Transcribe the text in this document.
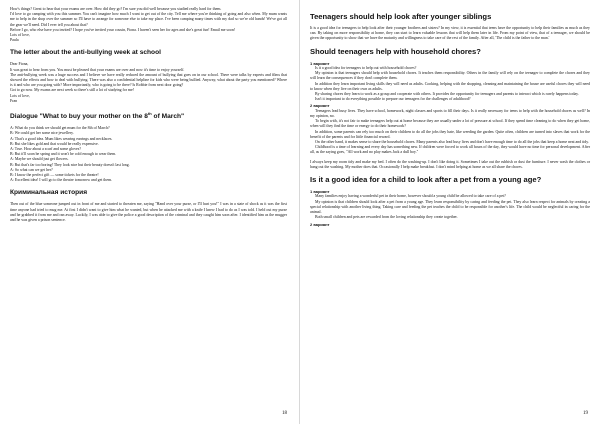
How's things? Great to hear that your exams are over. How did they go? I'm sure you did well because you studied really hard for them.

I'd love to go camping with you this summer. You can't imagine how much I want to get out of the city. Tell me where you're thinking of going and also when. My mum wants me to help in the shop over the summer so I'll have to arrange for someone else to take my place. I've been camping many times with my dad so we're old hands! We've got all the gear we'll need. Did I ever tell you about that?

Before I go, who else have you invited? I hope you've invited your cousin, Fiona. I haven't seen her for ages and she's great fun! Email me soon!

Lots of love,

Paula

The letter about the anti-bullying week at school

Dear Fiona,

It was great to hear from you. You must be pleased that your exams are over and now it's time to enjoy yourself.

The anti-bullying week was a huge success and I believe we have really reduced the amount of bullying that goes on in our school. There were talks by experts and films that showed the effects and how to deal with bullying. There was also a confidential helpline for kids who were being bullied. Anyway, what about the party you mentioned? Where is it and who are you going with? More importantly, who is going to be there? Is Robbie from next door going?

Got to go now. My exams are next week so there's still a lot of studying for me!

Lots of love,

Fran

Dialogue "What to buy your mother on the 8th of March"

A: What do you think we should get mum for the 8th of March?

B: We could get her some nice jewellery.

A: That's a good idea. Mum likes wearing earrings and necklaces.

B: But she likes gold and that would be really expensive.

A: True. How about a scarf and some gloves?

B: But it'll soon be spring and it won't be cold enough to wear them.

A: Maybe we should just get flowers.

B: But that's far too boring! They look nice but their beauty doesn't last long.

A: So what can we get her?

B: I know the perfect gift — some tickets for the theatre!

A: Excellent idea! I will go to the theatre tomorrow and get them.

Криминальная история

Then out of the blue someone jumped out in front of me and started to threaten me, saying "Hand over your purse, or I'll hurt you!" I was in a state of shock as it was the first time anyone had tried to mug me. At first I didn't want to give him what he wanted, but when he attacked me with a knife I knew I had to do as I was told. I held out my purse and he grabbed it from me and ran away. Luckily, I was able to give the police a good description of the criminal and they caught him soon after. I identified him as the mugger and he was given a prison sentence.

18
Teenagers should help look after younger siblings

It is a good idea for teenagers to help look after their younger brothers and sisters? In my view, it is essential that teens have the opportunity to help their families as much as they can. By taking on more responsibility at home, they can start to learn valuable lessons that will help them later in life. From my point of view, that of a teenager, we should be given the opportunity to show that we have the maturity and willingness to take care of the rest of the family. After all, 'The child is the father to the man.'

Should teenagers help with household chores?

1 вариант

Is it a good idea for teenagers to help out with household chores?

My opinion is that teenagers should help with household chores. It teaches them responsibility. Others in the family will rely on the teenager to complete the chores and they will learn the consequences if they don't complete them.

In addition they learn important living skills they will need as adults. Cooking, helping with the shopping, cleaning and maintaining the house are useful chores they will need to know when they live on their own as adults.

By sharing chores they learn to work as a group and cooperate with others. It provides the opportunity for teenagers and parents to interact which is rarely happens today.

Isn't it important to do everything possible to prepare our teenagers for the challenges of adulthood?

2 вариант

Teenagers lead busy lives. They have school, homework, night classes and sports to fill their days. Is it really necessary for teens to help with the household chores as well? In my opinion, no.

To begin with, it's not fair to make teenagers help out at home because they are usually under a lot of pressure at school. If they spend time cleaning to do when they get home, when will they find the time or energy to do their homework?

In addition, some parents can rely too much on their children to do all the jobs they hate, like weeding the garden. Quite often, children are turned into slaves that work for the benefit of the parents and for little financial reward.

On the other hand, it makes sense to share the household chores. Many parents also lead busy lives and don't have enough time to do all the jobs that keep a home neat and tidy.

Childhood is a time of learning and every day has something new. If children were forced to work all hours of the day, they would have no time for personal development. After all, as the saying goes, "All work and no play makes Jack a dull boy."

I always keep my room tidy and make my bed. I often do the washing-up. I don't like doing it. Sometimes I take out the rubbish or dust the furniture. I never wash the clothes or hang out the washing. My mother does that. Occasionally I help make breakfast. I don't mind helping at home as we all share the chores.

Is it a good idea for a child to look after a pet from a young age?

1 вариант

Many families enjoy having a wonderful pet in their home, however should a young child be allowed to take care of a pet?

My opinion is that children should look after a pet from a young age. They learn responsibility by caring and feeding the pet. They also learn respect for animals by creating a special relationship with another living thing. Taking care and feeding the pet teaches the child to be responsible for another's life. The child would be neglectful in caring for the animal.

Both small children and pets are rewarded from the loving relationship they create together.

2 вариант

19
